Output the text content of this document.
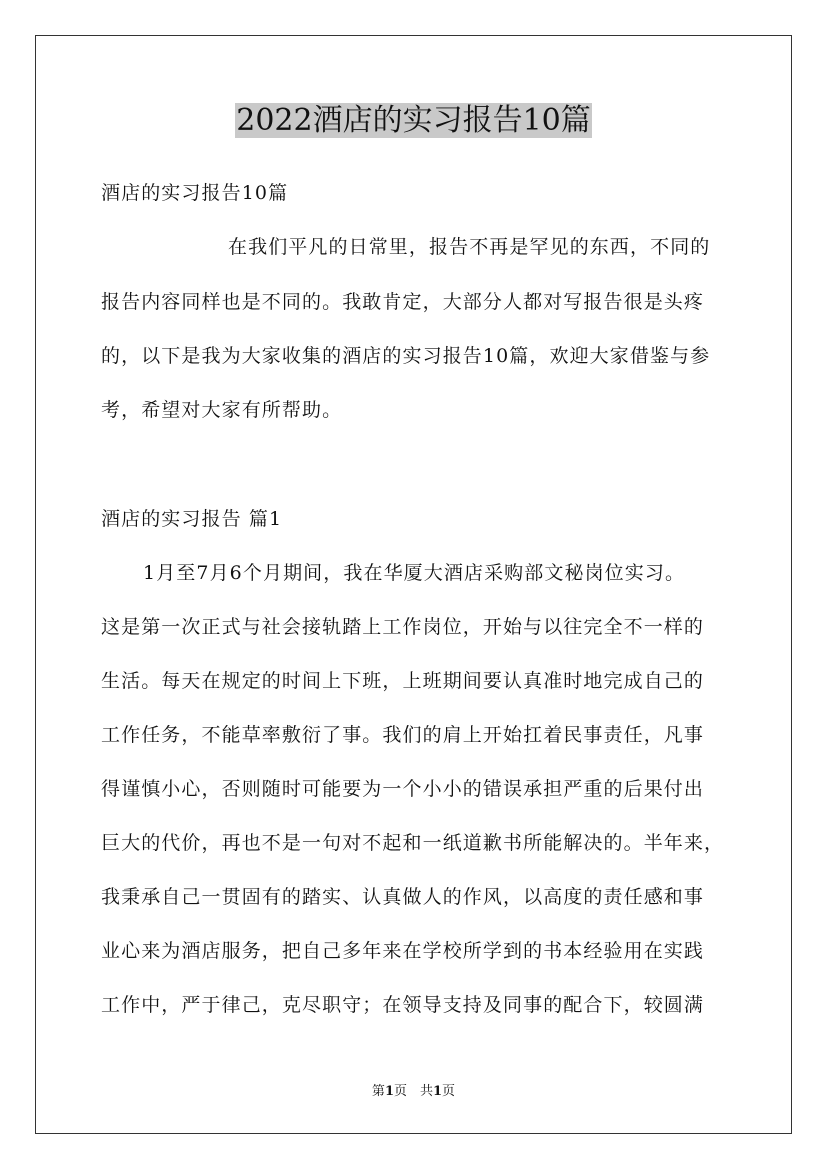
2022酒店的实习报告10篇
酒店的实习报告10篇
在我们平凡的日常里，报告不再是罕见的东西，不同的
报告内容同样也是不同的。我敢肯定，大部分人都对写报告很是头疼
的，以下是我为大家收集的酒店的实习报告10篇，欢迎大家借鉴与参
考，希望对大家有所帮助。
酒店的实习报告 篇1
1月至7月6个月期间，我在华厦大酒店采购部文秘岗位实习。
这是第一次正式与社会接轨踏上工作岗位，开始与以往完全不一样的
生活。每天在规定的时间上下班，上班期间要认真准时地完成自己的
工作任务，不能草率敷衍了事。我们的肩上开始扛着民事责任，凡事
得谨慎小心，否则随时可能要为一个小小的错误承担严重的后果付出
巨大的代价，再也不是一句对不起和一纸道歉书所能解决的。半年来，
我秉承自己一贯固有的踏实、认真做人的作风，以高度的责任感和事
业心来为酒店服务，把自己多年来在学校所学到的书本经验用在实践
工作中，严于律己，克尽职守；在领导支持及同事的配合下，较圆满
第1页　共1页
